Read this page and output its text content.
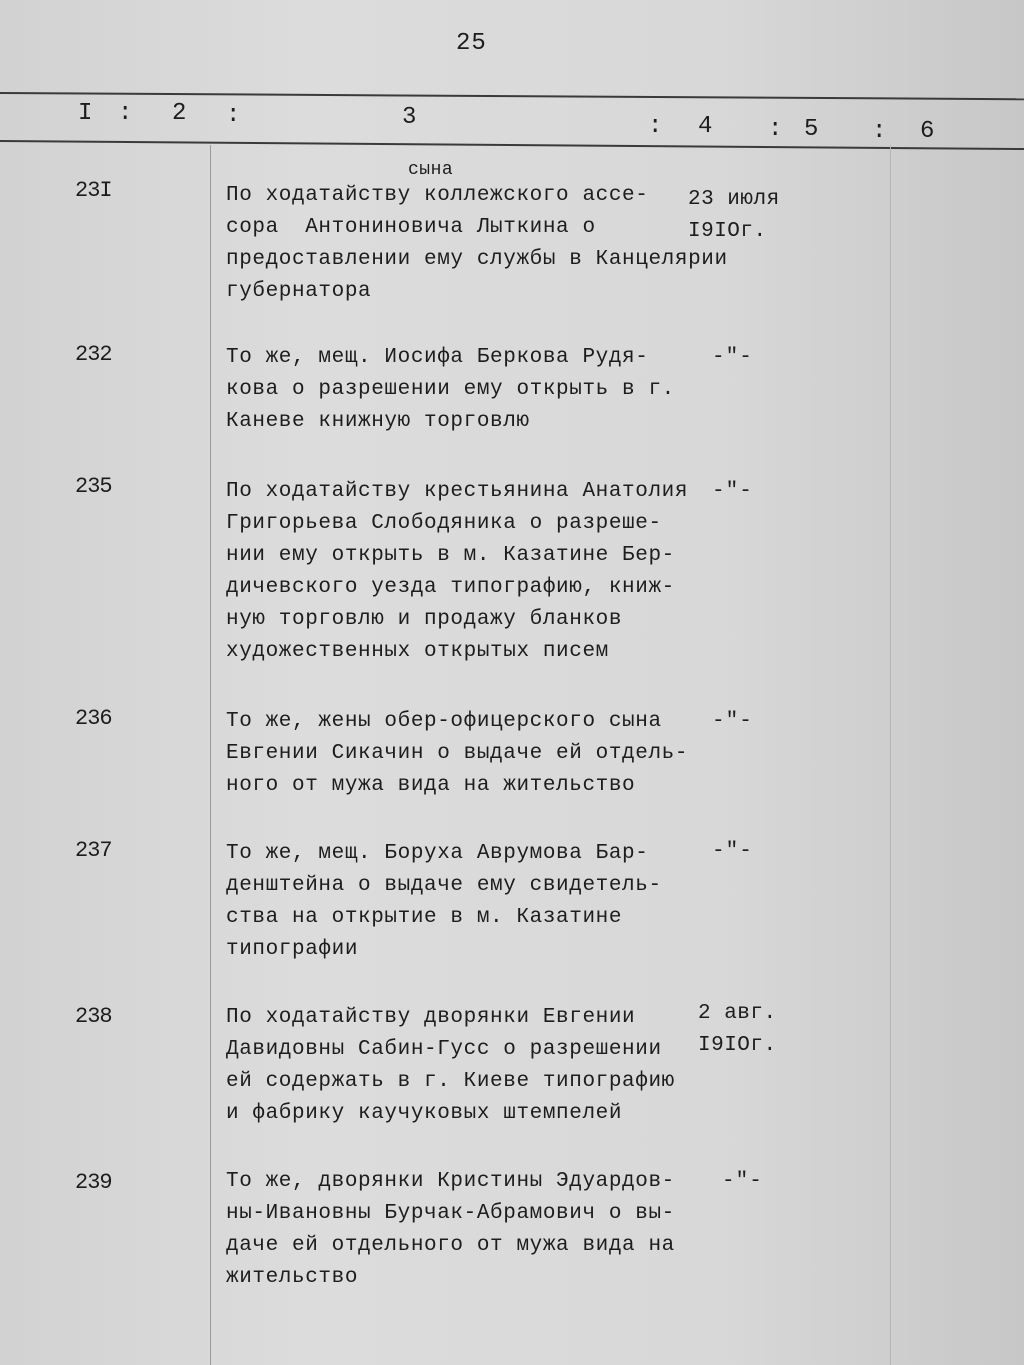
25
I : 2 :	3	: 4 : 5 : 6
сына
23I	По ходатайству коллежского ассе-
сора  Антониновича Лыткина о
предоставлении ему службы в Канцелярии
губернатора
23 июля
I9IОг.
232	То же, мещ. Иосифа Беркова Рудя-
кова о разрешении ему открыть в г.
Каневе книжную торговлю
-"-
235	По ходатайству крестьянина Анатолия
Григорьева Слободяника о разреше-
нии ему открыть в м. Казатине Бер-
дичевского уезда типографию, книж-
ную торговлю и продажу бланков
художественных открытых писем
-"-
236	То же, жены обер-офицерского сына
Евгении Сикачин о выдаче ей отдель-
ного от мужа вида на жительство
-"-
237	То же, мещ. Боруха Аврумова Бар-
денштейна о выдаче ему свидетель-
ства на открытие в м. Казатине
типографии
-"-
238	По ходатайству дворянки Евгении
Давидовны Сабин-Гусс о разрешении
ей содержать в г. Киеве типографию
и фабрику каучуковых штемпелей
2 авг.
I9IОг.
239	То же, дворянки Кристины Эдуардов-
ны-Ивановны Бурчак-Абрамович о вы-
даче ей отдельного от мужа вида на
жительство
-"-
